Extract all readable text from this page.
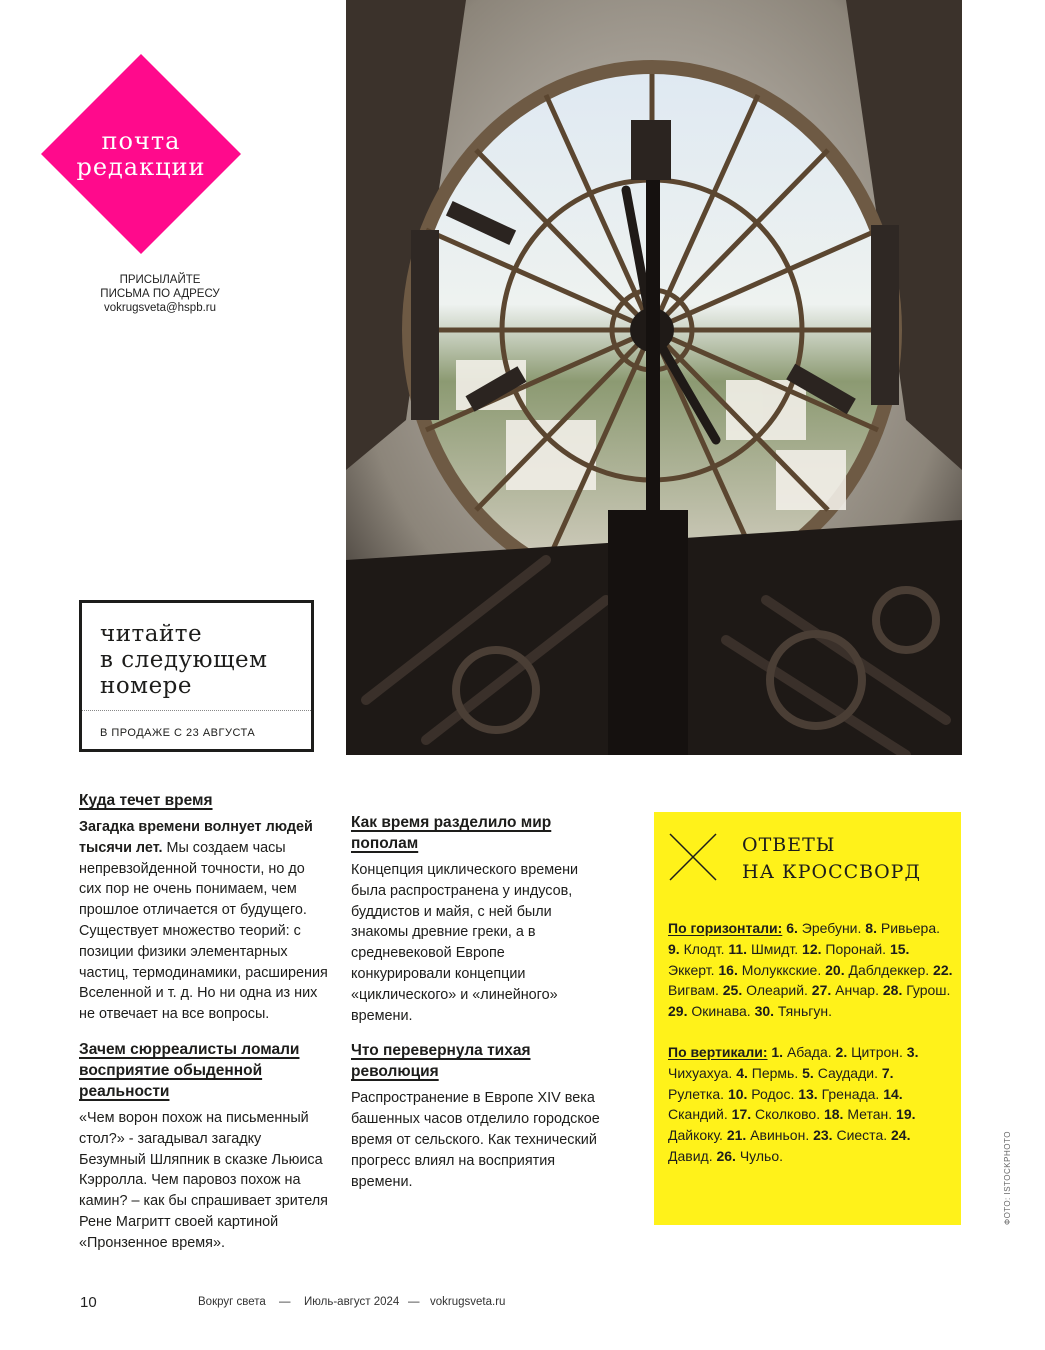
почта
редакции
ПРИСЫЛАЙТЕ
ПИСЬМА ПО АДРЕСУ
vokrugsveta@hspb.ru
читайте
в следующем
номере
В ПРОДАЖЕ С 23 АВГУСТА
Куда течет время

Загадка времени волнует людей тысячи лет. Мы создаем часы непревзойденной точности, но до сих пор не очень понимаем, чем прошлое отличается от будущего. Существует множество теорий: с позиции физики элементарных частиц, термодинамики, расширения Вселенной и т. д. Но ни одна из них не отвечает на все вопросы.

Зачем сюрреалисты ломали восприятие обыденной реальности

«Чем ворон похож на письменный стол?» - загадывал загадку Безумный Шляпник в сказке Льюиса Кэрролла. Чем паровоз похож на камин? – как бы спрашивает зрителя Рене Магритт своей картиной «Пронзенное время».

Как время разделило мир пополам

Концепция циклического времени была распространена у индусов, буддистов и майя, с ней были знакомы древние греки, а в средневековой Европе конкурировали концепции «циклического» и «линейного» времени.

Что перевернула тихая революция

Распространение в Европе XIV века башенных часов отделило городское время от сельского. Как технический прогресс влиял на восприятия времени.

ОТВЕТЫ
НА КРОССВОРД

По горизонтали: 6. Эребуни. 8. Ривьера. 9. Клодт. 11. Шмидт. 12. Поронай. 15. Эккерт. 16. Молуккские. 20. Даблдеккер. 22. Вигвам. 25. Олеарий. 27. Анчар. 28. Гурош. 29. Окинава. 30. Тяньгун.

По вертикали: 1. Абада. 2. Цитрон. 3. Чихуахуа. 4. Пермь. 5. Саудади. 7. Рулетка. 10. Родос. 13. Гренада. 14. Скандий. 17. Сколково. 18. Метан. 19. Дайкоку. 21. Авиньон. 23. Сиеста. 24. Давид. 26. Чульо.	ФОТО: ISTOCKPHOTO
10	Вокруг света — Июль-август 2024 — vokrugsveta.ru
